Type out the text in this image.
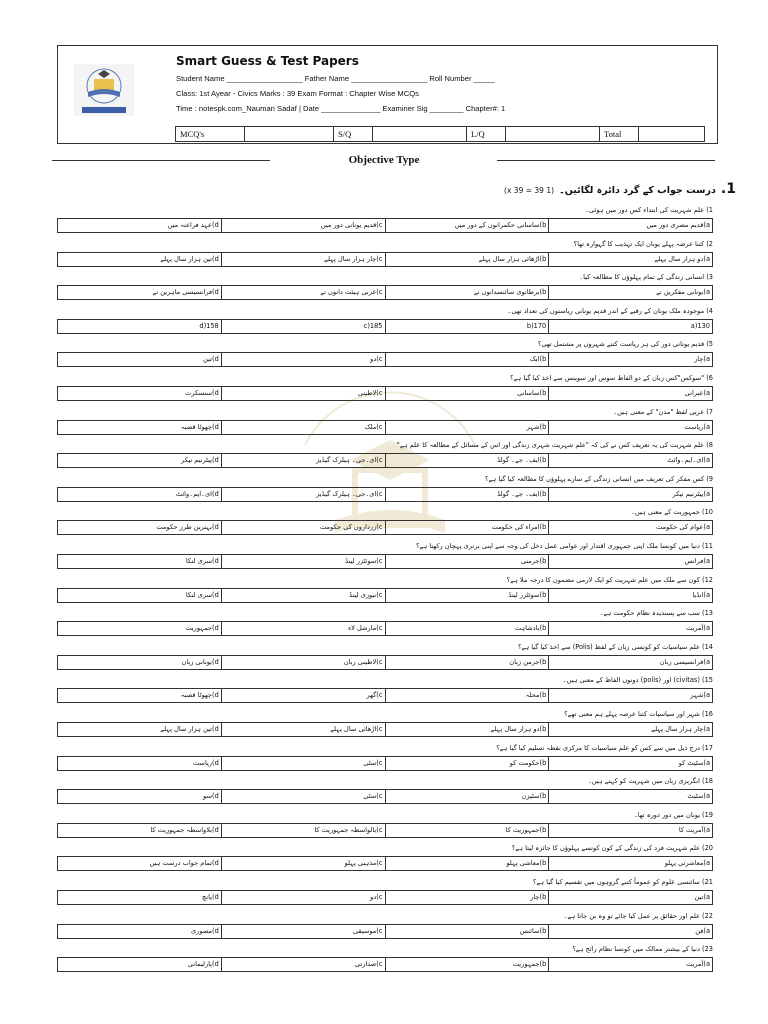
Smart Guess & Test Papers
Student Name __________________ Father Name __________________ Roll Number _____
Class: 1st Ayear - Civics Marks : 39 Exam Format : Chapter Wise MCQs
Time : notespk.com_Nauman Sadaf | Date ______________ Examiner Sig ________ Chapter#: 1
MCQ's		S/Q		L/Q		Total	
Objective Type
1. درست جواب کے گرد دائرہ لگائیں۔ (1 x 39 = 39)
1) علم شہریت کی ابتداء کس دور میں ہوئی۔
a)قدیم مصری دور میں
b)ساسانی حکمرانوں کے دور میں
c)قدیم یونانی دور میں
d)عہد فراعنہ میں
2) کتنا عرصہ پہلے یونان ایک تہذیب کا گہوارہ تھا؟
a)دو ہزار سال پہلے
b)اڑھائی ہزار سال پہلے
c)چار ہزار سال پہلے
d)تین ہزار سال پہلے
3) انسانی زندگی کے تمام پہلوؤں کا مطالعہ کیا۔
a)یونانی مفکرین نے
b)برطانوی سائنسدانوں نے
c)عربی ہیئت دانوں نے
d)فرانسیسی ماہرین نے
4) موجودہ ملک یونان کے رقبے کے اندر قدیم یونانی ریاستوں کی تعداد تھی۔
a)130
b)170
c)185
d)158
5) قدیم یونانی دور کی ہر ریاست کتنے شہروں پر مشتمل تھی؟
a)چار
b)ایک
c)دو
d)تین
6) "سوکس"کس زبان کے دو الفاظ سوس اور سوینس سے اخذ کیا گیا ہے؟
a)عبرانی
b)ساسانی
c)لاطینی
d)سنسکرت
7) عربی لفظ "مدن" کے معنی ہیں۔
a)ریاست
b)شہر
c)ملک
d)چھوٹا قصبہ
8) علم شہریت کی یہ تعریف کس نے کی کہ "علم شہریت شہری زندگی اور اس کے مسائل کے مطالعہ کا علم ہے"
a)ای۔ایم۔وائٹ
b)ایف۔ جے۔ گولڈ
c)ای۔جی۔ ہیلرک گیڈیز
d)پیٹرنیم نیکر
9) کس مفکر کی تعریف میں انسانی زندگی کے سارے پہلوؤں کا مطالعہ کیا گیا ہے؟
a)پیٹرنیم نیکر
b)ایف۔ جے۔ گولڈ
c)ای۔جی۔ ہیلرک گیڈیز
d)ای۔ایم۔وائٹ
10) جمہوریت کے معنی ہیں۔
a)عوام کی حکومت
b)امراء کی حکومت
c)زرداروں کی حکومت
d)بہترین طرز حکومت
11) دنیا میں کونسا ملک اپنی جمہوری اقتدار اور عوامی عمل دخل کی وجہ سے اپنی برتری پہچان رکھتا ہے؟
a)فرانس
b)جرمنی
c)سوئٹزر لینڈ
d)سری لنکا
12) کون سے ملک میں علم شہریت کو ایک لازمی مضمون کا درجہ ملا ہے؟
a)انڈیا
b)سوئٹزر لینڈ
c)نیوزی لینڈ
d)سری لنکا
13) سب سے پسندیدہ نظام حکومت ہے۔
a)آمریت
b)بادشاہت
c)مارشل لاء
d)جمہوریت
14) علم سیاسیات کو کونسی زبان کے لفظ (Polis) سے اخذ کیا گیا ہے؟
a)فرانسیسی زبان
b)جرمن زبان
c)لاطینی زبان
d)یونانی زبان
15) (civitas) اور (polis) دونوں الفاظ کے معنی ہیں۔
a)شہر
b)محلہ
c)گھر
d)چھوٹا قصبہ
16) شہر اور سیاسیات کتنا عرصہ پہلے ہم معنی تھے؟
a)چار ہزار سال پہلے
b)دو ہزار سال پہلے
c)اڑھائی سال پہلے
d)تین ہزار سال پہلے
17) درج ذیل میں سے کس کو علم سیاسیات کا مرکزی نقطہ تسلیم کیا گیا ہے؟
a)سٹیٹ کو
b)حکومت کو
c)سٹی
d)ریاست
18) انگریزی زبان میں شہریت کو کہتے ہیں۔
a)سٹیٹ
b)سٹیزن
c)سٹی
d)سو
19) یونان میں دور دورہ تھا۔
a)آمریت کا
b)جمہوریت کا
c)بالواسطہ جمہوریت کا
d)بلاواسطہ جمہوریت کا
20) علم شہریت فرد کی زندگی کے کون کونسے پہلوؤں کا جائزہ لیتا ہے؟
a)معاشرتی پہلو
b)معاشی پہلو
c)مذہبی پہلو
d)تمام جواب درست ہیں
21) سائنسی علوم کو عموماً کتنے گروہوں میں تقسیم کیا گیا ہے؟
a)تین
b)چار
c)دو
d)پانچ
22) علم اور حقائق پر عمل کیا جائے تو وہ بن جاتا ہے۔
a)فن
b)سائنس
c)موسیقی
d)مصوری
23) دنیا کے بیشتر ممالک میں کونسا نظام رائج ہے؟
a)آمریت
b)جمہوریت
c)صدارتی
d)پارلیمانی
